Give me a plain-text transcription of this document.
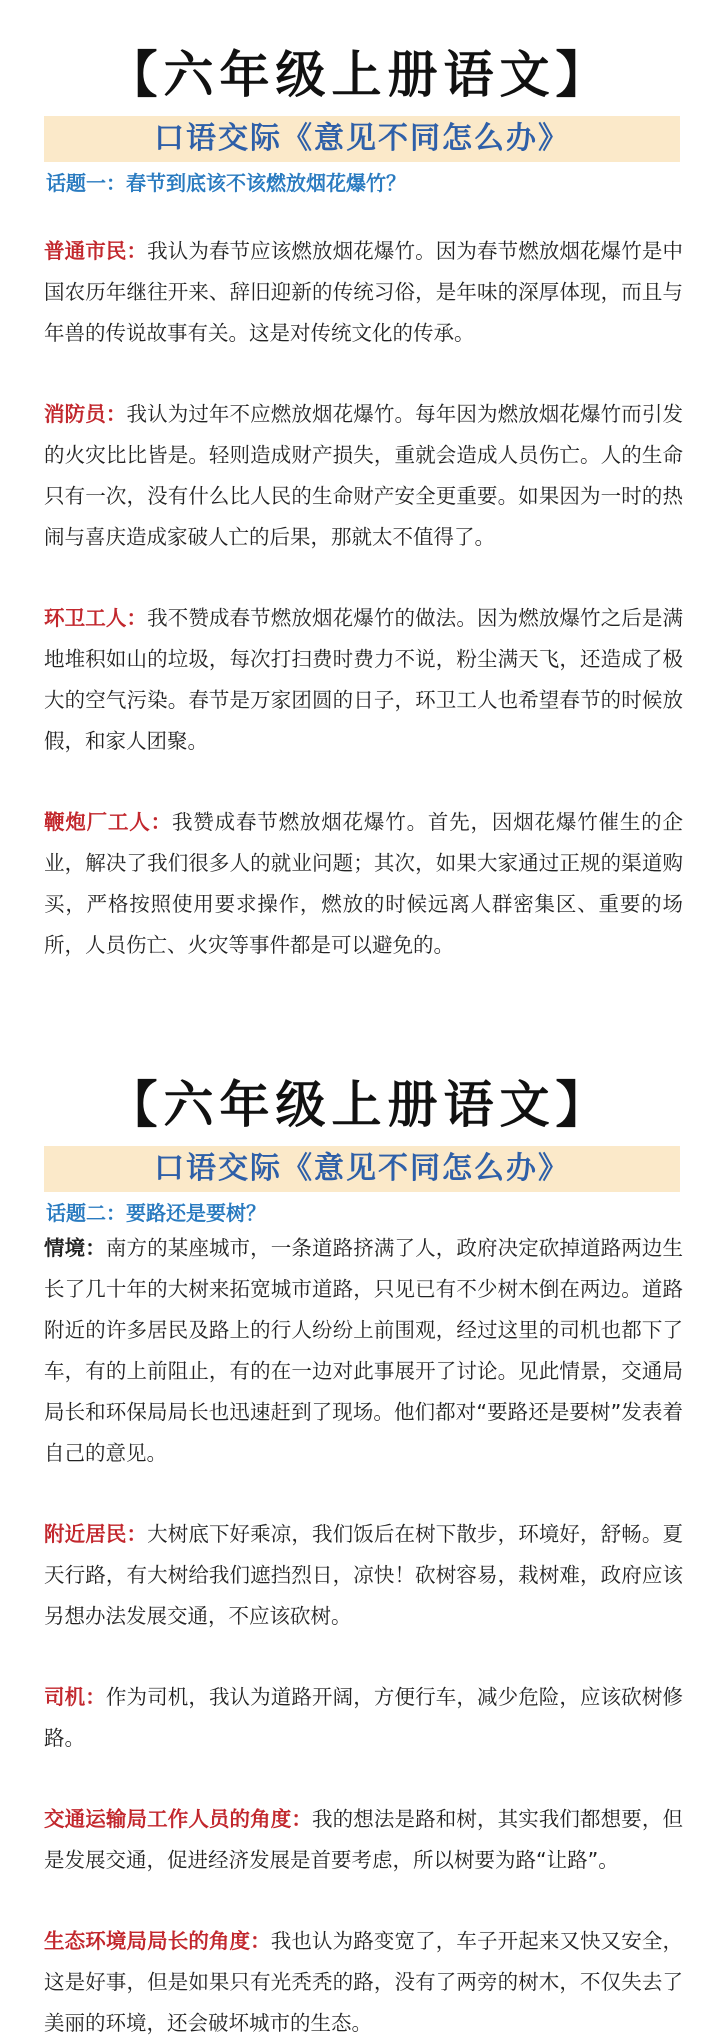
【六年级上册语文】
口语交际《意见不同怎么办》
话题一：春节到底该不该燃放烟花爆竹？

普通市民：我认为春节应该燃放烟花爆竹。因为春节燃放烟花爆竹是中国农历年继往开来、辞旧迎新的传统习俗，是年味的深厚体现，而且与年兽的传说故事有关。这是对传统文化的传承。

消防员：我认为过年不应燃放烟花爆竹。每年因为燃放烟花爆竹而引发的火灾比比皆是。轻则造成财产损失，重就会造成人员伤亡。人的生命只有一次，没有什么比人民的生命财产安全更重要。如果因为一时的热闹与喜庆造成家破人亡的后果，那就太不值得了。

环卫工人：我不赞成春节燃放烟花爆竹的做法。因为燃放爆竹之后是满地堆积如山的垃圾，每次打扫费时费力不说，粉尘满天飞，还造成了极大的空气污染。春节是万家团圆的日子，环卫工人也希望春节的时候放假，和家人团聚。

鞭炮厂工人：我赞成春节燃放烟花爆竹。首先，因烟花爆竹催生的企业，解决了我们很多人的就业问题；其次，如果大家通过正规的渠道购买，严格按照使用要求操作，燃放的时候远离人群密集区、重要的场所，人员伤亡、火灾等事件都是可以避免的。

【六年级上册语文】
口语交际《意见不同怎么办》
话题二：要路还是要树？

情境：南方的某座城市，一条道路挤满了人，政府决定砍掉道路两边生长了几十年的大树来拓宽城市道路，只见已有不少树木倒在两边。道路附近的许多居民及路上的行人纷纷上前围观，经过这里的司机也都下了车，有的上前阻止，有的在一边对此事展开了讨论。见此情景，交通局局长和环保局局长也迅速赶到了现场。他们都对“要路还是要树”发表着自己的意见。

附近居民：大树底下好乘凉，我们饭后在树下散步，环境好，舒畅。夏天行路，有大树给我们遮挡烈日，凉快！砍树容易，栽树难，政府应该另想办法发展交通，不应该砍树。

司机：作为司机，我认为道路开阔，方便行车，减少危险，应该砍树修路。

交通运输局工作人员的角度：我的想法是路和树，其实我们都想要，但是发展交通，促进经济发展是首要考虑，所以树要为路“让路”。

生态环境局局长的角度：我也认为路变宽了，车子开起来又快又安全，这是好事，但是如果只有光秃秃的路，没有了两旁的树木，不仅失去了美丽的环境，还会破坏城市的生态。
